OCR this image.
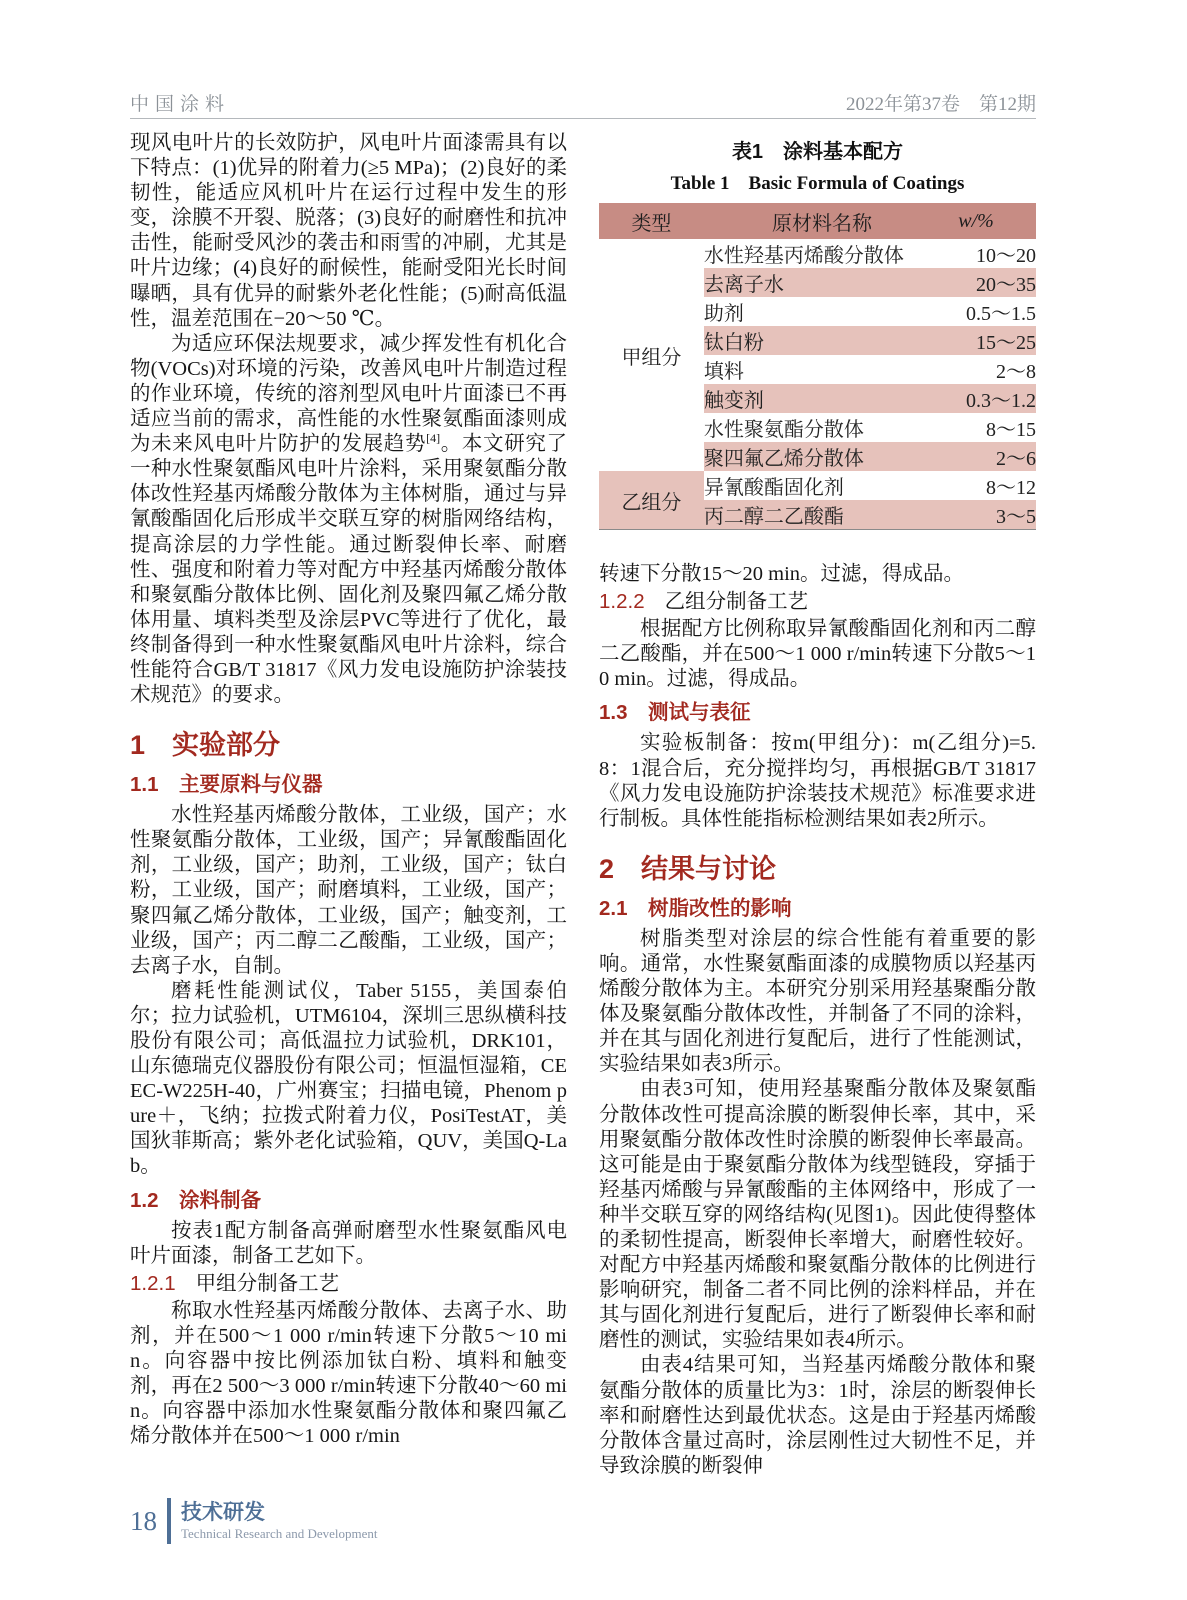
中国涂料	2022年第37卷　第12期

现风电叶片的长效防护，风电叶片面漆需具有以下特点：(1)优异的附着力(≥5 MPa)；(2)良好的柔韧性，能适应风机叶片在运行过程中发生的形变，涂膜不开裂、脱落；(3)良好的耐磨性和抗冲击性，能耐受风沙的袭击和雨雪的冲刷，尤其是叶片边缘；(4)良好的耐候性，能耐受阳光长时间曝晒，具有优异的耐紫外老化性能；(5)耐高低温性，温差范围在−20～50 ℃。

为适应环保法规要求，减少挥发性有机化合物(VOCs)对环境的污染，改善风电叶片制造过程的作业环境，传统的溶剂型风电叶片面漆已不再适应当前的需求，高性能的水性聚氨酯面漆则成为未来风电叶片防护的发展趋势[4]。本文研究了一种水性聚氨酯风电叶片涂料，采用聚氨酯分散体改性羟基丙烯酸分散体为主体树脂，通过与异氰酸酯固化后形成半交联互穿的树脂网络结构，提高涂层的力学性能。通过断裂伸长率、耐磨性、强度和附着力等对配方中羟基丙烯酸分散体和聚氨酯分散体比例、固化剂及聚四氟乙烯分散体用量、填料类型及涂层PVC等进行了优化，最终制备得到一种水性聚氨酯风电叶片涂料，综合性能符合GB/T 31817《风力发电设施防护涂装技术规范》的要求。

1　实验部分
1.1　主要原料与仪器

水性羟基丙烯酸分散体，工业级，国产；水性聚氨酯分散体，工业级，国产；异氰酸酯固化剂，工业级，国产；助剂，工业级，国产；钛白粉，工业级，国产；耐磨填料，工业级，国产；聚四氟乙烯分散体，工业级，国产；触变剂，工业级，国产；丙二醇二乙酸酯，工业级，国产；去离子水，自制。

磨耗性能测试仪，Taber 5155，美国泰伯尔；拉力试验机，UTM6104，深圳三思纵横科技股份有限公司；高低温拉力试验机，DRK101，山东德瑞克仪器股份有限公司；恒温恒湿箱，CEEC-W225H-40，广州赛宝；扫描电镜，Phenom pure＋，飞纳；拉拨式附着力仪，PosiTestAT，美国狄菲斯高；紫外老化试验箱，QUV，美国Q-Lab。

1.2　涂料制备

按表1配方制备高弹耐磨型水性聚氨酯风电叶片面漆，制备工艺如下。

1.2.1 甲组分制备工艺

称取水性羟基丙烯酸分散体、去离子水、助剂，并在500～1 000 r/min转速下分散5～10 min。向容器中按比例添加钛白粉、填料和触变剂，再在2 500～3 000 r/min转速下分散40～60 min。向容器中添加水性聚氨酯分散体和聚四氟乙烯分散体并在500～1 000 r/min

表1　涂料基本配方
Table 1　Basic Formula of Coatings
类型	原材料名称	w/%
甲组分	水性羟基丙烯酸分散体	10～20
	去离子水	20～35
	助剂	0.5～1.5
	钛白粉	15～25
	填料	2～8
	触变剂	0.3～1.2
	水性聚氨酯分散体	8～15
	聚四氟乙烯分散体	2～6
乙组分	异氰酸酯固化剂	8～12
	丙二醇二乙酸酯	3～5

转速下分散15～20 min。过滤，得成品。

1.2.2 乙组分制备工艺

根据配方比例称取异氰酸酯固化剂和丙二醇二乙酸酯，并在500～1 000 r/min转速下分散5～10 min。过滤，得成品。

1.3　测试与表征

实验板制备：按m(甲组分)：m(乙组分)=5.8：1混合后，充分搅拌均匀，再根据GB/T 31817《风力发电设施防护涂装技术规范》标准要求进行制板。具体性能指标检测结果如表2所示。

2　结果与讨论
2.1　树脂改性的影响

树脂类型对涂层的综合性能有着重要的影响。通常，水性聚氨酯面漆的成膜物质以羟基丙烯酸分散体为主。本研究分别采用羟基聚酯分散体及聚氨酯分散体改性，并制备了不同的涂料，并在其与固化剂进行复配后，进行了性能测试，实验结果如表3所示。

由表3可知，使用羟基聚酯分散体及聚氨酯分散体改性可提高涂膜的断裂伸长率，其中，采用聚氨酯分散体改性时涂膜的断裂伸长率最高。这可能是由于聚氨酯分散体为线型链段，穿插于羟基丙烯酸与异氰酸酯的主体网络中，形成了一种半交联互穿的网络结构(见图1)。因此使得整体的柔韧性提高，断裂伸长率增大，耐磨性较好。对配方中羟基丙烯酸和聚氨酯分散体的比例进行影响研究，制备二者不同比例的涂料样品，并在其与固化剂进行复配后，进行了断裂伸长率和耐磨性的测试，实验结果如表4所示。

由表4结果可知，当羟基丙烯酸分散体和聚氨酯分散体的质量比为3：1时，涂层的断裂伸长率和耐磨性达到最优状态。这是由于羟基丙烯酸分散体含量过高时，涂层刚性过大韧性不足，并导致涂膜的断裂伸

18 技术研发
Technical Research and Development
